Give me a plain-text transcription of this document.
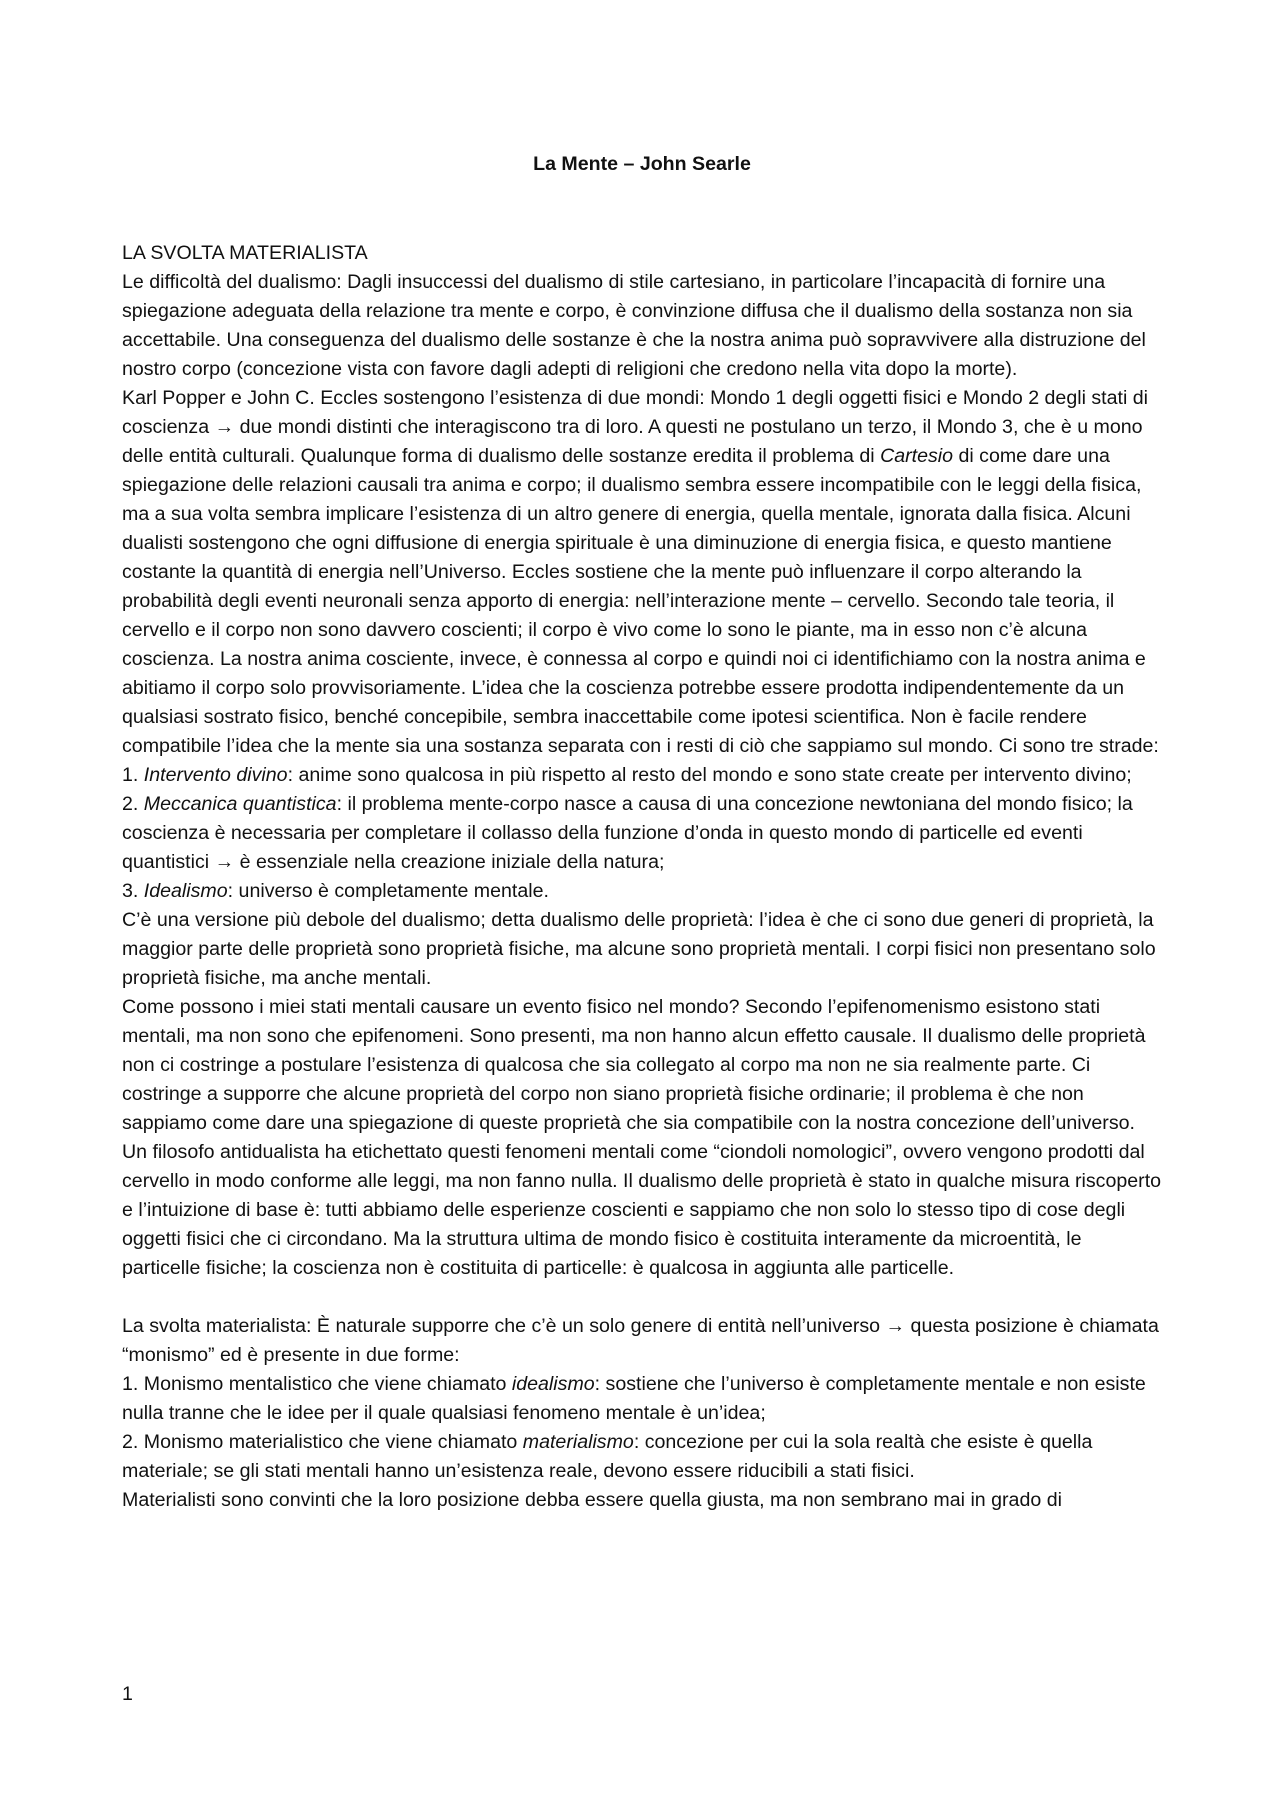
La Mente – John Searle

LA SVOLTA MATERIALISTA

Le difficoltà del dualismo: Dagli insuccessi del dualismo di stile cartesiano, in particolare l’incapacità di fornire una spiegazione adeguata della relazione tra mente e corpo, è convinzione diffusa che il dualismo della sostanza non sia accettabile. Una conseguenza del dualismo delle sostanze è che la nostra anima può sopravvivere alla distruzione del nostro corpo (concezione vista con favore dagli adepti di religioni che credono nella vita dopo la morte).

Karl Popper e John C. Eccles sostengono l’esistenza di due mondi: Mondo 1 degli oggetti fisici e Mondo 2 degli stati di coscienza → due mondi distinti che interagiscono tra di loro. A questi ne postulano un terzo, il Mondo 3, che è u mono delle entità culturali. Qualunque forma di dualismo delle sostanze eredita il problema di Cartesio di come dare una spiegazione delle relazioni causali tra anima e corpo; il dualismo sembra essere incompatibile con le leggi della fisica, ma a sua volta sembra implicare l’esistenza di un altro genere di energia, quella mentale, ignorata dalla fisica. Alcuni dualisti sostengono che ogni diffusione di energia spirituale è una diminuzione di energia fisica, e questo mantiene costante la quantità di energia nell’Universo. Eccles sostiene che la mente può influenzare il corpo alterando la probabilità degli eventi neuronali senza apporto di energia: nell’interazione mente – cervello. Secondo tale teoria, il cervello e il corpo non sono davvero coscienti; il corpo è vivo come lo sono le piante, ma in esso non c’è alcuna coscienza. La nostra anima cosciente, invece, è connessa al corpo e quindi noi ci identifichiamo con la nostra anima e abitiamo il corpo solo provvisoriamente. L’idea che la coscienza potrebbe essere prodotta indipendentemente da un qualsiasi sostrato fisico, benché concepibile, sembra inaccettabile come ipotesi scientifica. Non è facile rendere compatibile l’idea che la mente sia una sostanza separata con i resti di ciò che sappiamo sul mondo. Ci sono tre strade:

1. Intervento divino: anime sono qualcosa in più rispetto al resto del mondo e sono state create per intervento divino;

2. Meccanica quantistica: il problema mente-corpo nasce a causa di una concezione newtoniana del mondo fisico; la coscienza è necessaria per completare il collasso della funzione d’onda in questo mondo di particelle ed eventi quantistici → è essenziale nella creazione iniziale della natura;

3. Idealismo: universo è completamente mentale.

C’è una versione più debole del dualismo; detta dualismo delle proprietà: l’idea è che ci sono due generi di proprietà, la maggior parte delle proprietà sono proprietà fisiche, ma alcune sono proprietà mentali. I corpi fisici non presentano solo proprietà fisiche, ma anche mentali.

Come possono i miei stati mentali causare un evento fisico nel mondo? Secondo l’epifenomenismo esistono stati mentali, ma non sono che epifenomeni. Sono presenti, ma non hanno alcun effetto causale. Il dualismo delle proprietà non ci costringe a postulare l’esistenza di qualcosa che sia collegato al corpo ma non ne sia realmente parte. Ci costringe a supporre che alcune proprietà del corpo non siano proprietà fisiche ordinarie; il problema è che non sappiamo come dare una spiegazione di queste proprietà che sia compatibile con la nostra concezione dell’universo. Un filosofo antidualista ha etichettato questi fenomeni mentali come “ciondoli nomologici”, ovvero vengono prodotti dal cervello in modo conforme alle leggi, ma non fanno nulla. Il dualismo delle proprietà è stato in qualche misura riscoperto e l’intuizione di base è: tutti abbiamo delle esperienze coscienti e sappiamo che non solo lo stesso tipo di cose degli oggetti fisici che ci circondano. Ma la struttura ultima de mondo fisico è costituita interamente da microentità, le particelle fisiche; la coscienza non è costituita di particelle: è qualcosa in aggiunta alle particelle.

La svolta materialista: È naturale supporre che c’è un solo genere di entità nell’universo → questa posizione è chiamata “monismo” ed è presente in due forme:

1. Monismo mentalistico che viene chiamato idealismo: sostiene che l’universo è completamente mentale e non esiste nulla tranne che le idee per il quale qualsiasi fenomeno mentale è un’idea;

2. Monismo materialistico che viene chiamato materialismo: concezione per cui la sola realtà che esiste è quella materiale; se gli stati mentali hanno un’esistenza reale, devono essere riducibili a stati fisici.

Materialisti sono convinti che la loro posizione debba essere quella giusta, ma non sembrano mai in grado di

1
